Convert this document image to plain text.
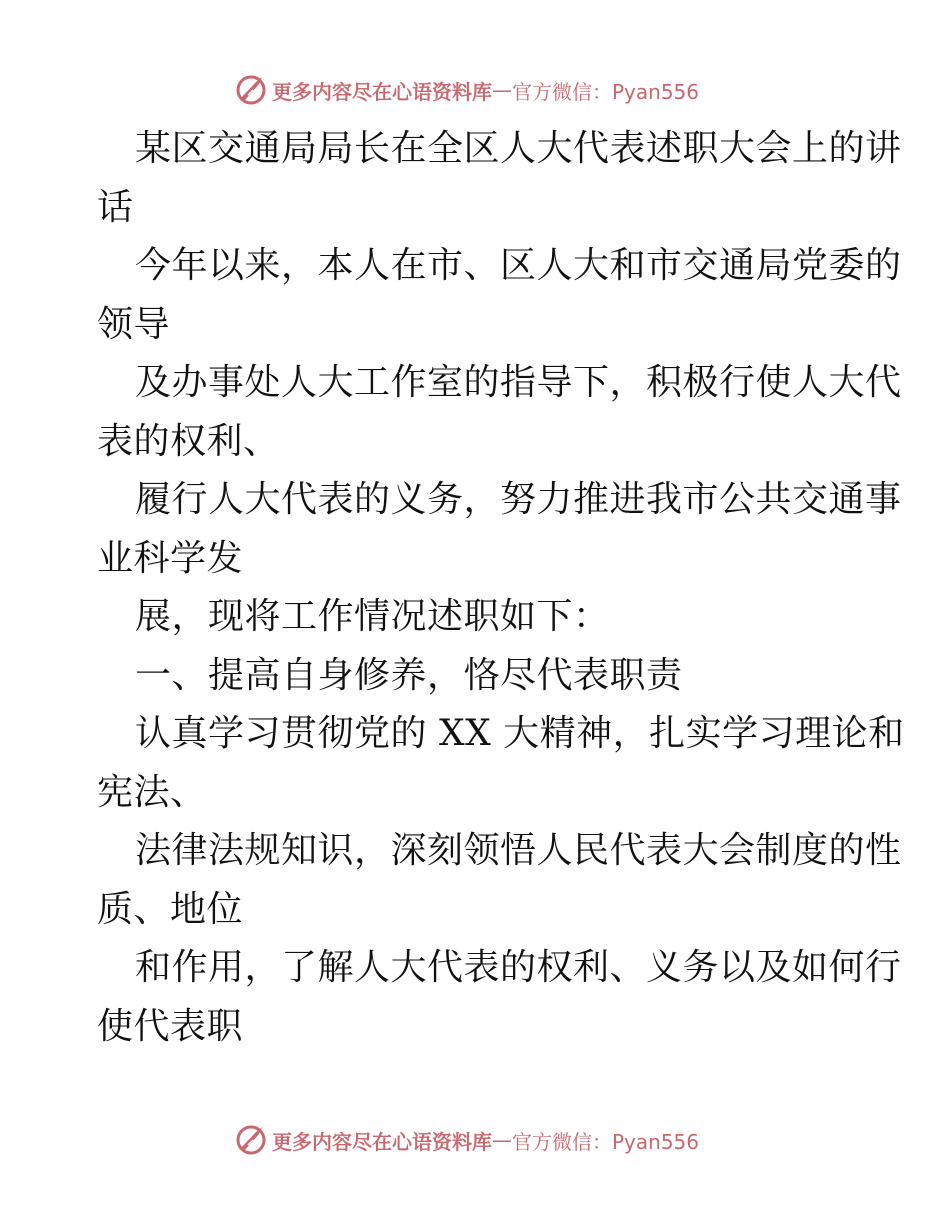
更多内容尽在心语资料库 — 官方微信：Pyan556
某区交通局局长在全区人大代表述职大会上的讲
话
今年以来，本人在市、区人大和市交通局党委的
领导
及办事处人大工作室的指导下，积极行使人大代
表的权利、
履行人大代表的义务，努力推进我市公共交通事
业科学发
展，现将工作情况述职如下：
一、提高自身修养，恪尽代表职责
认真学习贯彻党的 XX 大精神，扎实学习理论和
宪法、
法律法规知识，深刻领悟人民代表大会制度的性
质、地位
和作用，了解人大代表的权利、义务以及如何行
使代表职
更多内容尽在心语资料库 — 官方微信：Pyan556
